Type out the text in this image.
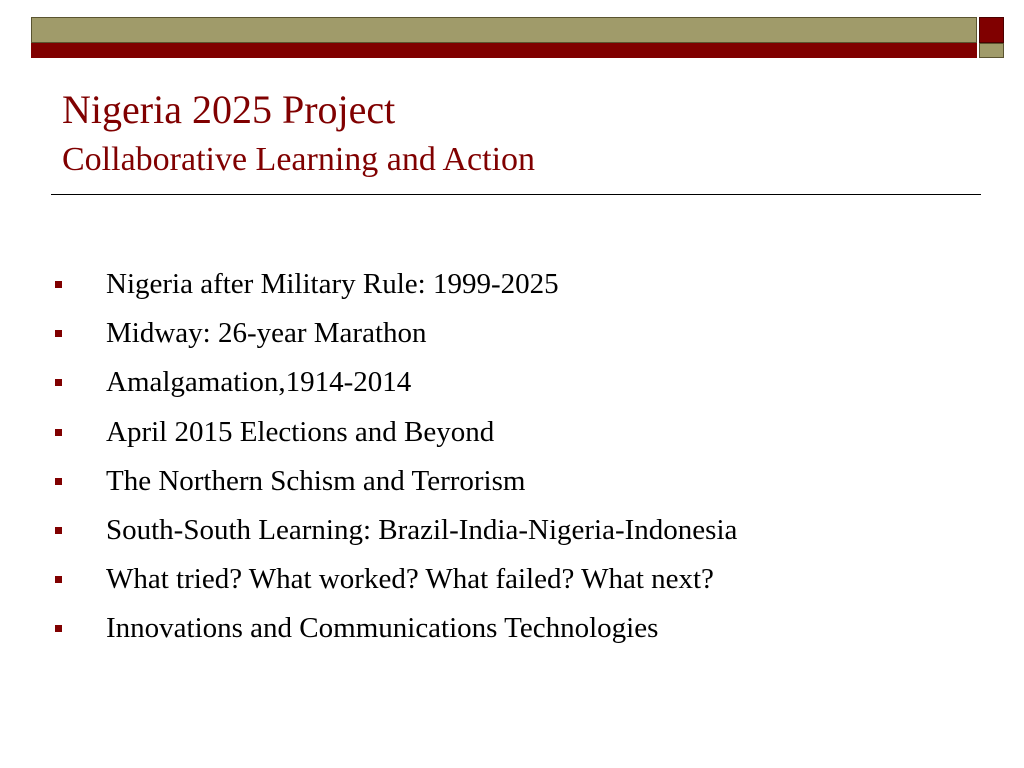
Nigeria 2025 Project
Collaborative Learning and Action
Nigeria after Military Rule: 1999-2025
Midway: 26-year Marathon
Amalgamation,1914-2014
April 2015 Elections and Beyond
The Northern Schism and Terrorism
South-South Learning: Brazil-India-Nigeria-Indonesia
What tried? What worked? What failed? What next?
Innovations and Communications Technologies
